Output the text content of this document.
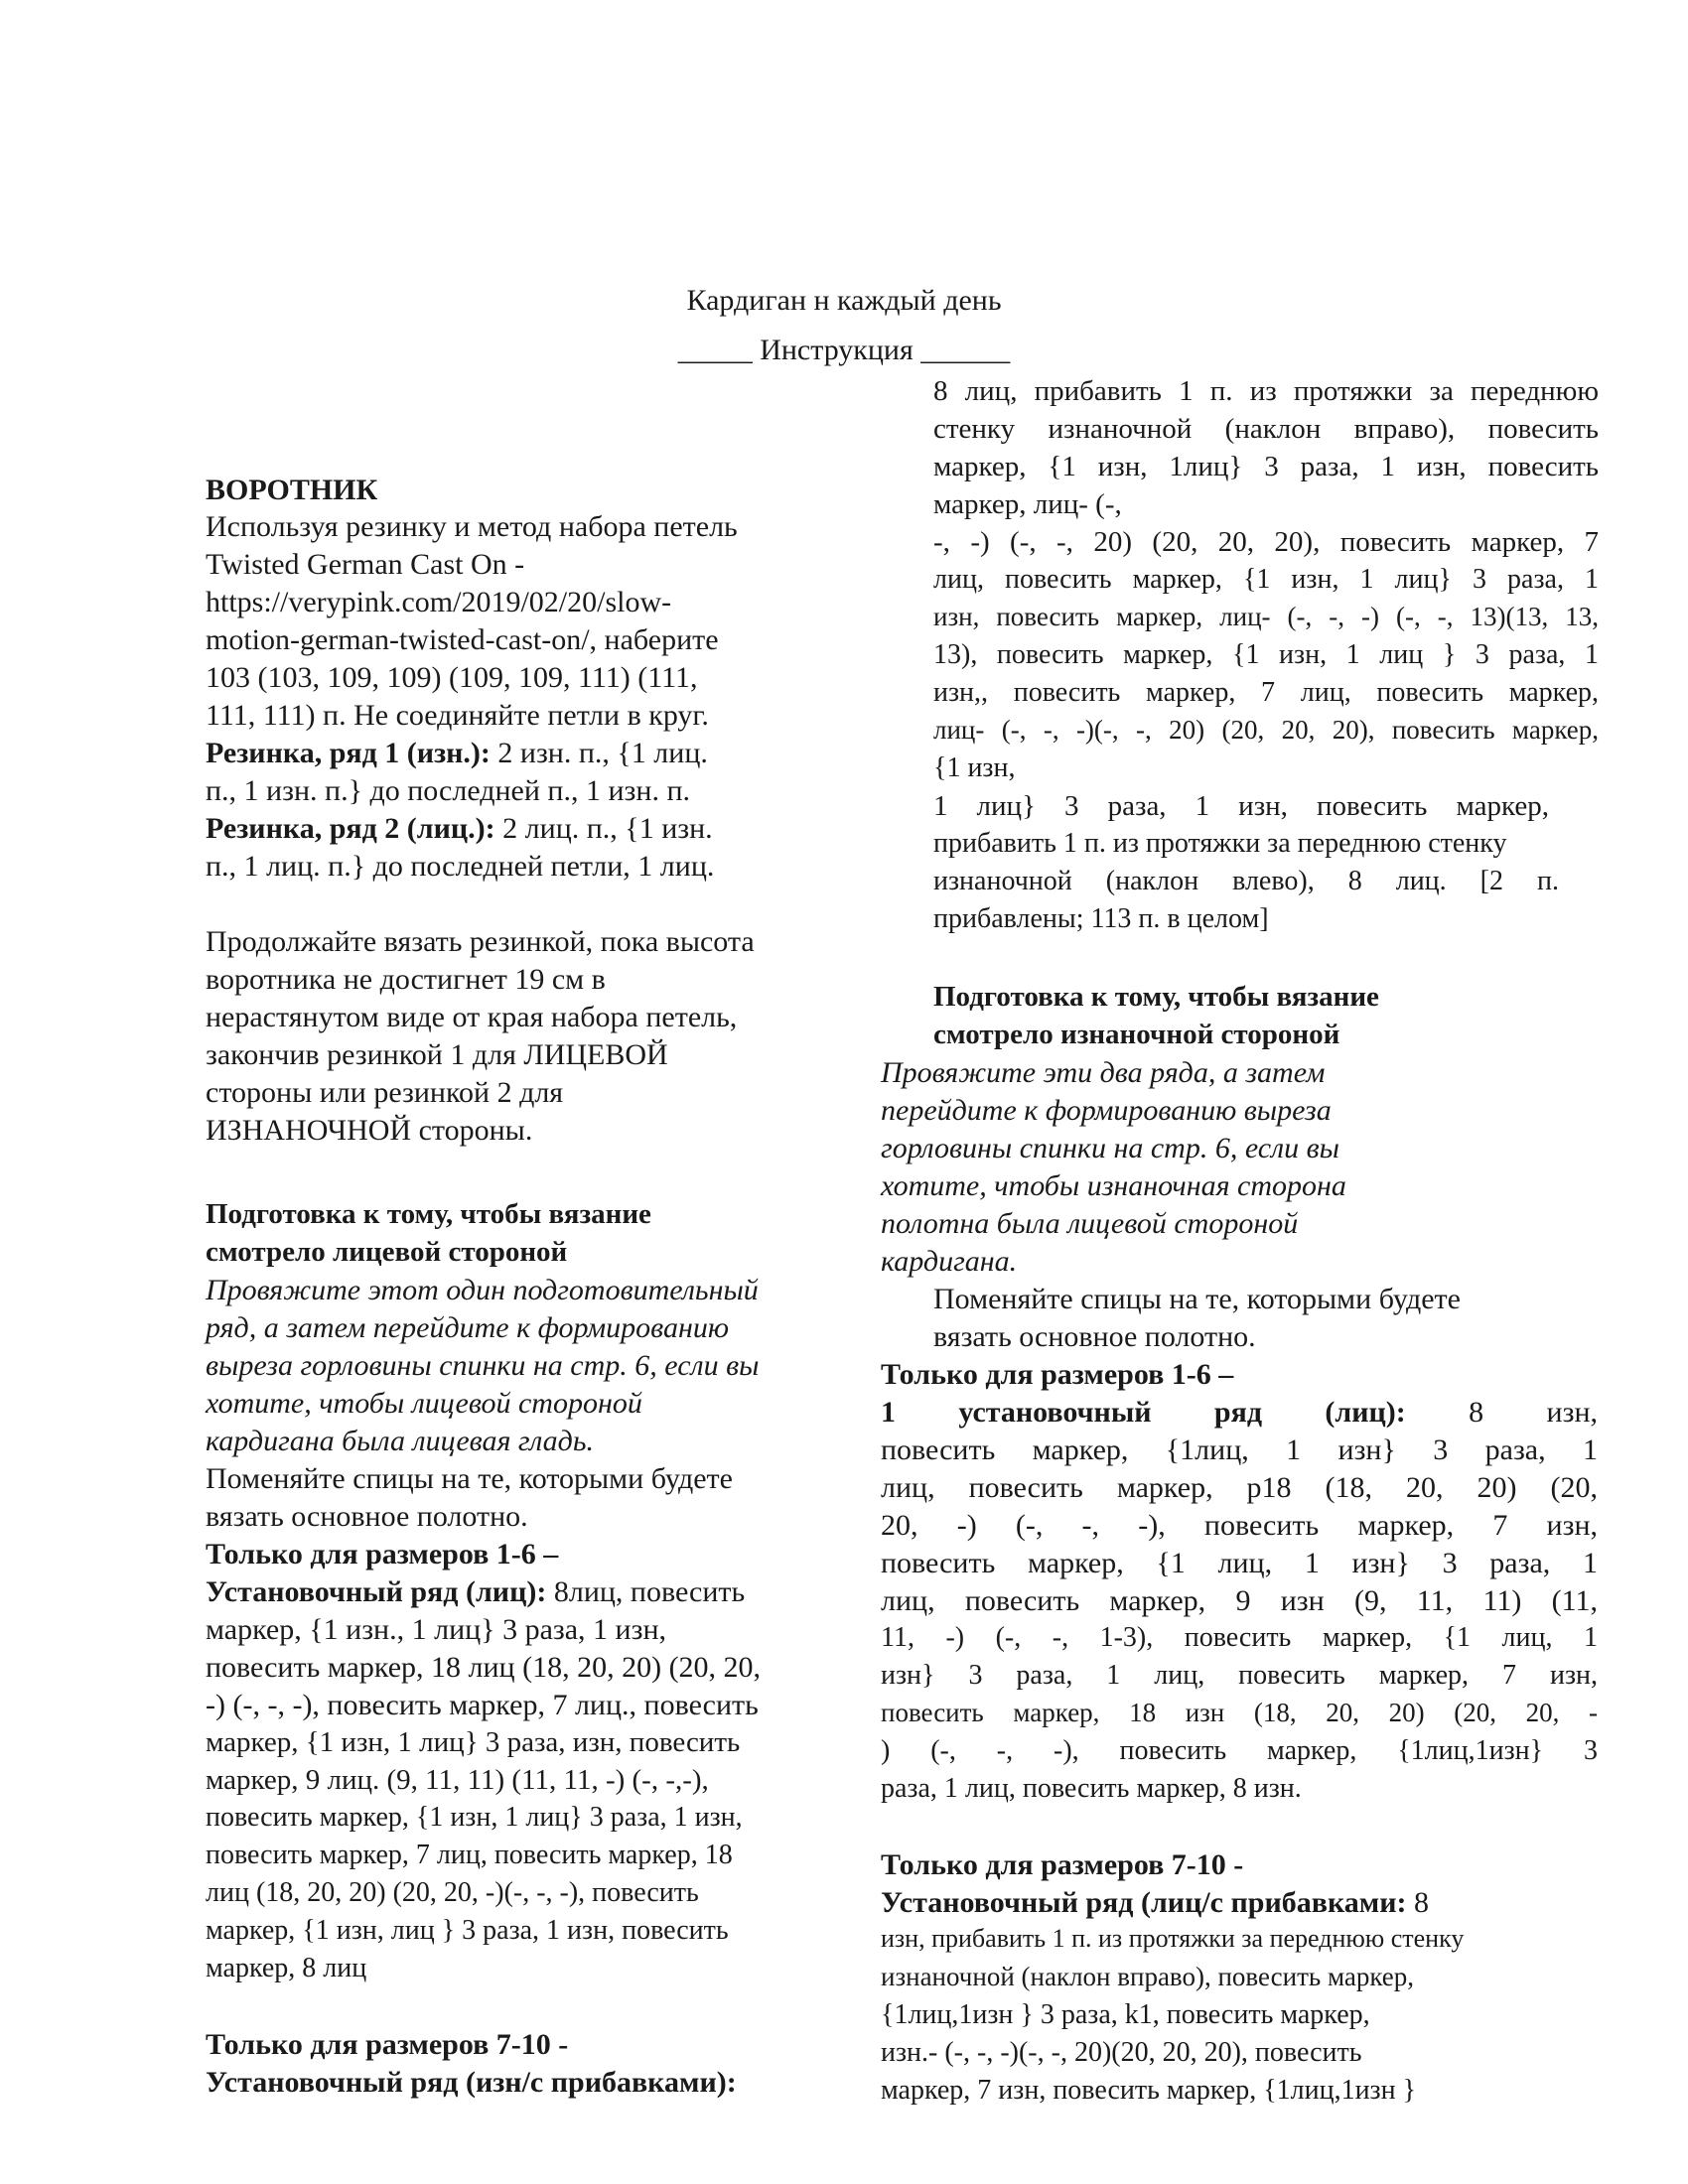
Кардиган н каждый день
_____ Инструкция ______
ВОРОТНИК
Используя резинку и метод набора петель
Twisted German Cast On -
https://verypink.com/2019/02/20/slow-
motion-german-twisted-cast-on/, наберите
103 (103, 109, 109) (109, 109, 111) (111,
111, 111) п. Не соединяйте петли в круг.
Резинка, ряд 1 (изн.): 2 изн. п., {1 лиц.
п., 1 изн. п.} до последней п., 1 изн. п.
Резинка, ряд 2 (лиц.): 2 лиц. п., {1 изн.
п., 1 лиц. п.} до последней петли, 1 лиц.
Продолжайте вязать резинкой, пока высота
воротника не достигнет 19 см в
нерастянутом виде от края набора петель,
закончив резинкой 1 для ЛИЦЕВОЙ
стороны или резинкой 2 для
ИЗНАНОЧНОЙ стороны.
Подготовка к тому, чтобы вязание
смотрело лицевой стороной
Провяжите этот один подготовительный
ряд, а затем перейдите к формированию
выреза горловины спинки на стр. 6, если вы
хотите, чтобы лицевой стороной
кардигана была лицевая гладь.
Поменяйте спицы на те, которыми будете
вязать основное полотно.
Только для размеров 1-6 –
Установочный ряд (лиц): 8лиц, повесить
маркер, {1 изн., 1 лиц} 3 раза, 1 изн,
повесить маркер, 18 лиц (18, 20, 20) (20, 20,
-) (-, -, -), повесить маркер, 7 лиц., повесить
маркер, {1 изн, 1 лиц} 3 раза, изн, повесить
маркер, 9 лиц. (9, 11, 11) (11, 11, -) (-, -,-),
повесить маркер, {1 изн, 1 лиц} 3 раза, 1 изн,
повесить маркер, 7 лиц, повесить маркер, 18
лиц (18, 20, 20) (20, 20, -)(-, -, -), повесить
маркер, {1 изн, лиц } 3 раза, 1 изн, повесить
маркер, 8 лиц
Только для размеров 7-10 -
Установочный ряд (изн/с прибавками):
8 лиц, прибавить 1 п. из протяжки за переднюю
стенку изнаночной (наклон вправо), повесить
маркер, {1 изн, 1лиц} 3 раза, 1 изн, повесить
маркер, лиц- (-,
-, -) (-, -, 20) (20, 20, 20), повесить маркер, 7
лиц, повесить маркер, {1 изн, 1 лиц} 3 раза, 1
изн, повесить маркер, лиц- (-, -, -) (-, -, 13)(13, 13,
13), повесить маркер, {1 изн, 1 лиц } 3 раза, 1
изн,, повесить маркер, 7 лиц, повесить маркер,
лиц- (-, -, -)(-, -, 20) (20, 20, 20), повесить маркер,
{1 изн,
1 лиц} 3 раза, 1 изн, повесить маркер,
прибавить 1 п. из протяжки за переднюю стенку
изнаночной (наклон влево), 8 лиц. [2 п.
прибавлены; 113 п. в целом]
Подготовка к тому, чтобы вязание
смотрело изнаночной стороной
Провяжите эти два ряда, а затем
перейдите к формированию выреза
горловины спинки на стр. 6, если вы
хотите, чтобы изнаночная сторона
полотна была лицевой стороной
кардигана.
Поменяйте спицы на те, которыми будете
вязать основное полотно.
Только для размеров 1-6 –
1 установочный ряд (лиц): 8 изн,
повесить маркер, {1лиц, 1 изн} 3 раза, 1
лиц, повесить маркер, p18 (18, 20, 20) (20,
20, -) (-, -, -), повесить маркер, 7 изн,
повесить маркер, {1 лиц, 1 изн} 3 раза, 1
лиц, повесить маркер, 9 изн (9, 11, 11) (11,
11, -) (-, -, 1-3), повесить маркер, {1 лиц, 1
изн} 3 раза, 1 лиц, повесить маркер, 7 изн,
повесить маркер, 18 изн (18, 20, 20) (20, 20, -
) (-, -, -), повесить маркер, {1лиц,1изн} 3
раза, 1 лиц, повесить маркер, 8 изн.
Только для размеров 7-10 -
Установочный ряд (лиц/с прибавками: 8
изн, прибавить 1 п. из протяжки за переднюю стенку
изнаночной (наклон вправо), повесить маркер,
{1лиц,1изн } 3 раза, k1, повесить маркер,
изн.- (-, -, -)(-, -, 20)(20, 20, 20), повесить
маркер, 7 изн, повесить маркер, {1лиц,1изн }
